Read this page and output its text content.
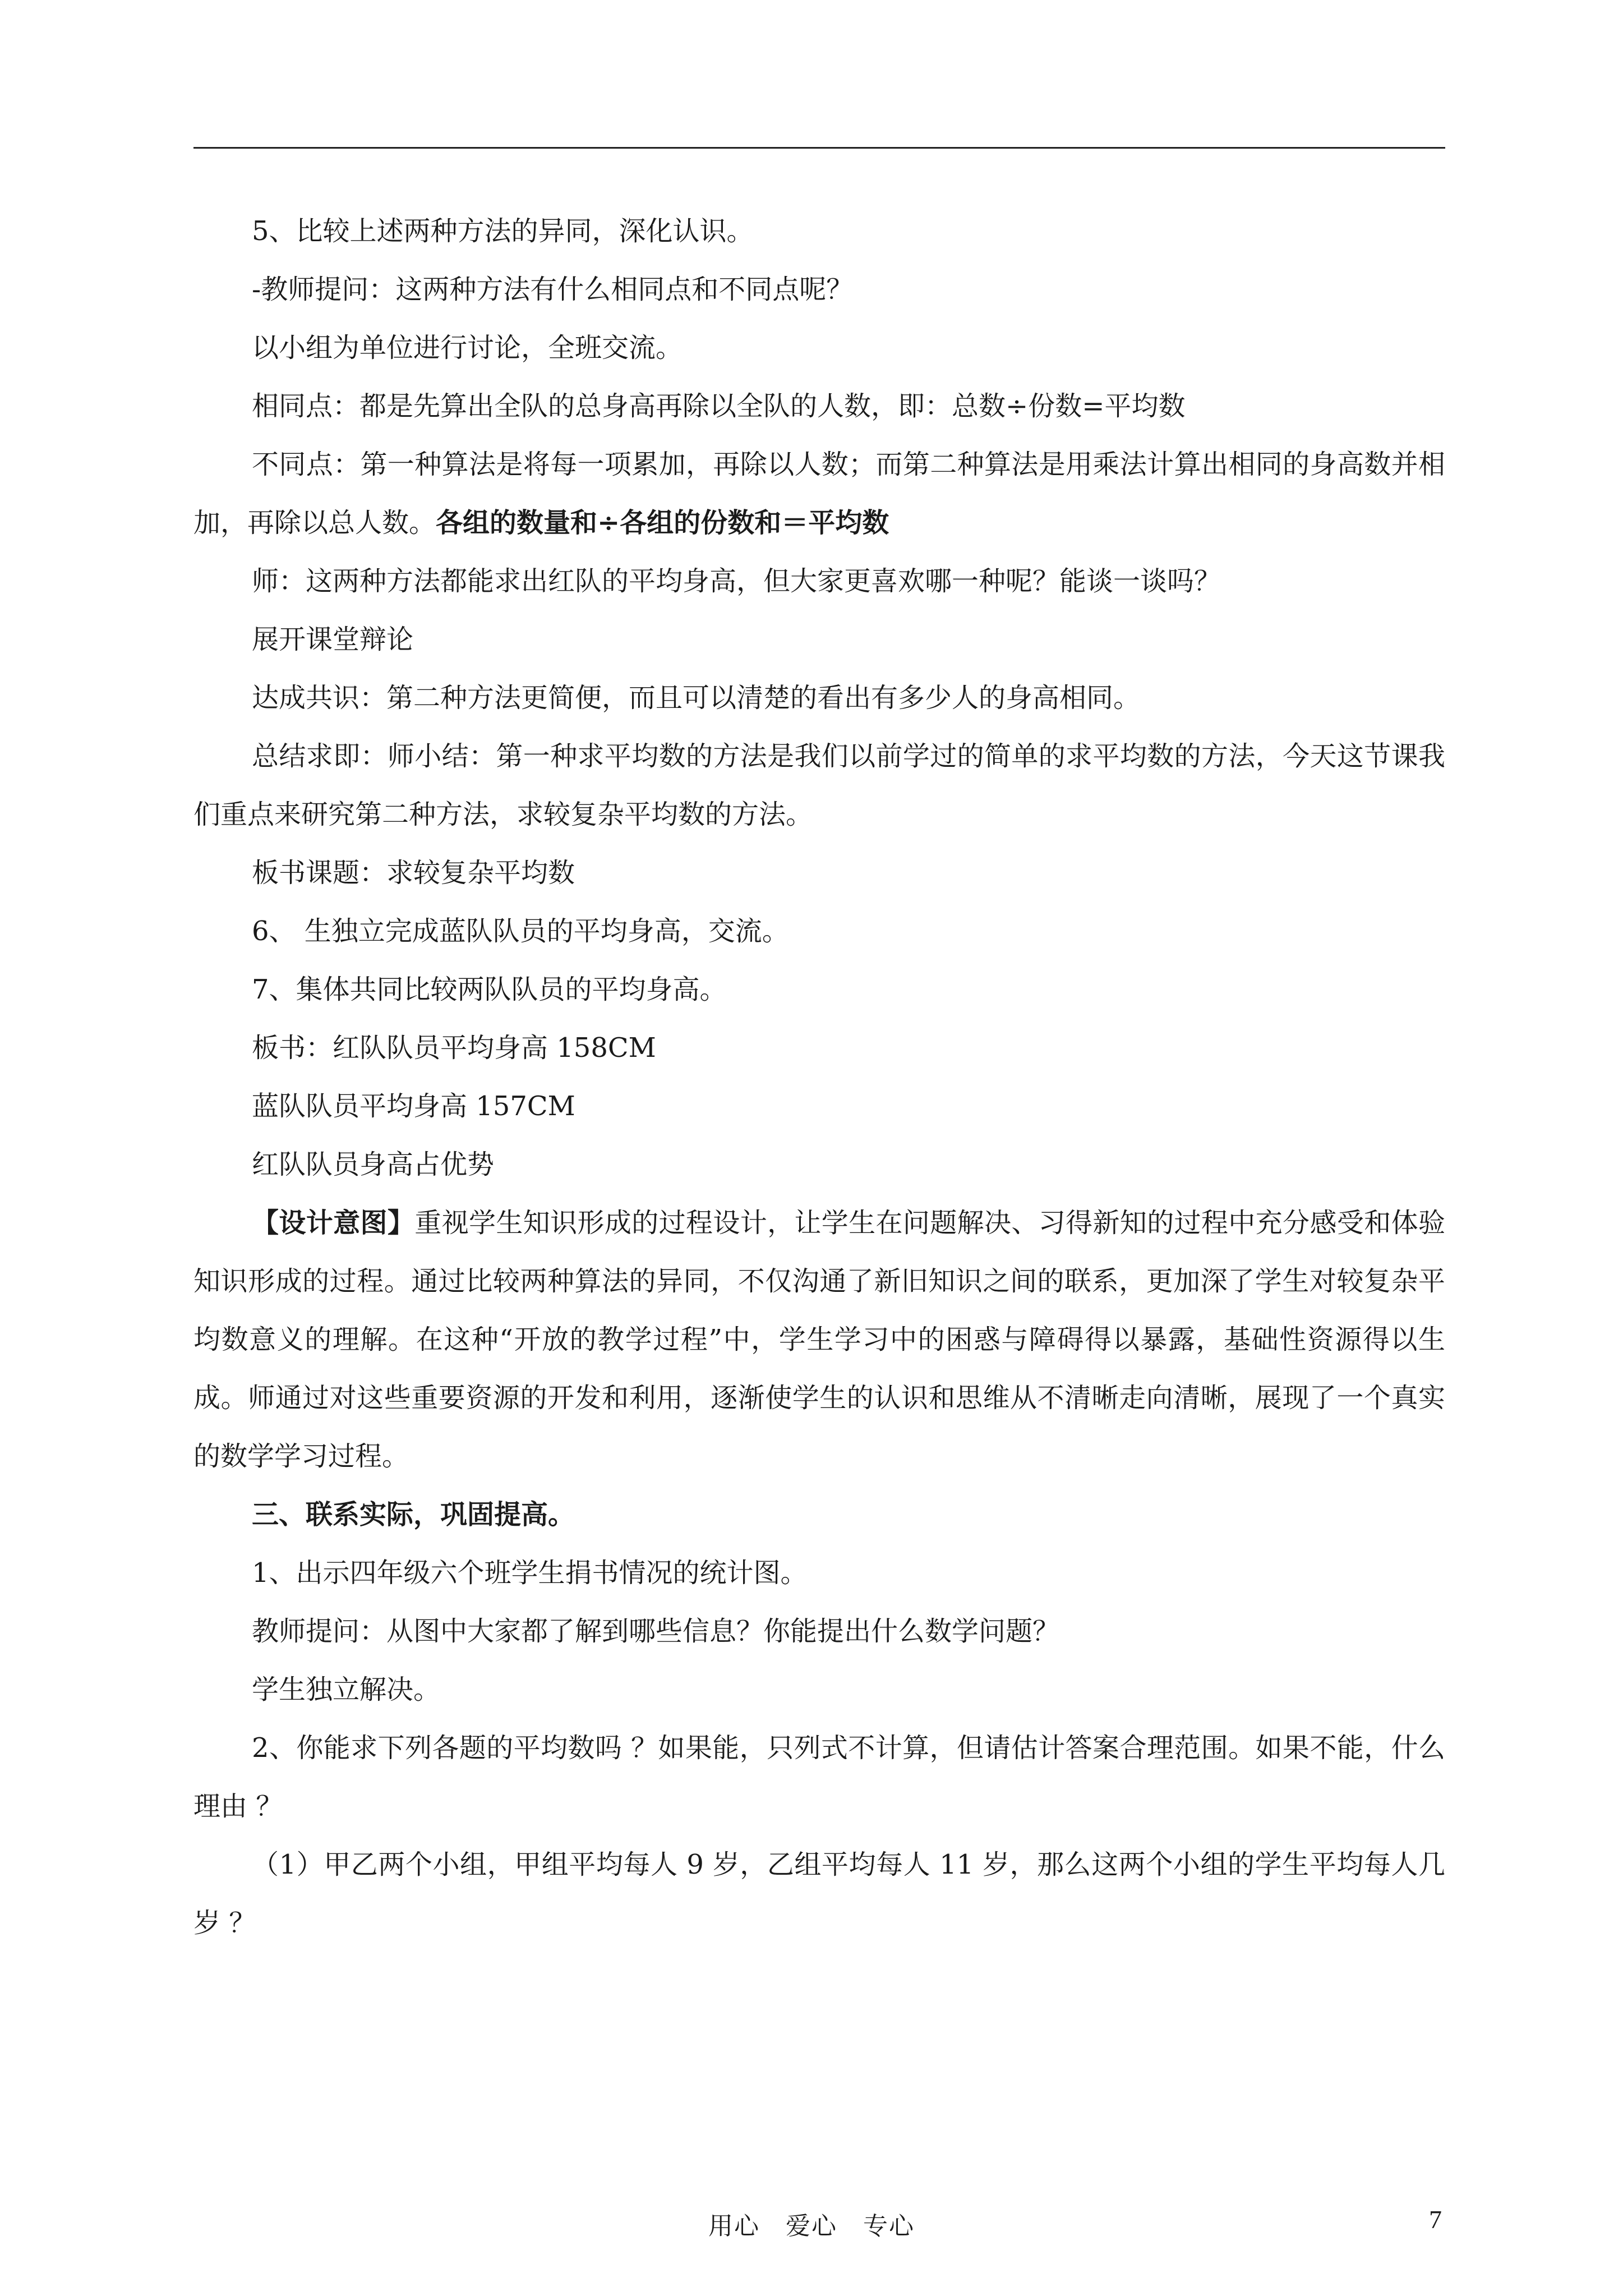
5、比较上述两种方法的异同，深化认识。

-教师提问：这两种方法有什么相同点和不同点呢？

以小组为单位进行讨论，全班交流。

相同点：都是先算出全队的总身高再除以全队的人数，即：总数÷份数=平均数

不同点：第一种算法是将每一项累加，再除以人数；而第二种算法是用乘法计算出相同的身高数并相加，再除以总人数。各组的数量和÷各组的份数和＝平均数

师：这两种方法都能求出红队的平均身高，但大家更喜欢哪一种呢？能谈一谈吗？

展开课堂辩论

达成共识：第二种方法更简便，而且可以清楚的看出有多少人的身高相同。

总结求即：师小结：第一种求平均数的方法是我们以前学过的简单的求平均数的方法，今天这节课我们重点来研究第二种方法，求较复杂平均数的方法。

板书课题：求较复杂平均数

6、 生独立完成蓝队队员的平均身高，交流。

7、集体共同比较两队队员的平均身高。

板书：红队队员平均身高 158CM

蓝队队员平均身高 157CM

红队队员身高占优势

【设计意图】重视学生知识形成的过程设计，让学生在问题解决、习得新知的过程中充分感受和体验知识形成的过程。通过比较两种算法的异同，不仅沟通了新旧知识之间的联系，更加深了学生对较复杂平均数意义的理解。在这种“开放的教学过程”中，学生学习中的困惑与障碍得以暴露，基础性资源得以生成。师通过对这些重要资源的开发和利用，逐渐使学生的认识和思维从不清晰走向清晰，展现了一个真实的数学学习过程。

三、联系实际，巩固提高。

1、出示四年级六个班学生捐书情况的统计图。

教师提问：从图中大家都了解到哪些信息？你能提出什么数学问题？

学生独立解决。

2、你能求下列各题的平均数吗 ？如果能，只列式不计算，但请估计答案合理范围。如果不能，什么理由 ？

（1）甲乙两个小组，甲组平均每人 9 岁，乙组平均每人 11 岁，那么这两个小组的学生平均每人几岁 ？

用心 爱心 专心	7
